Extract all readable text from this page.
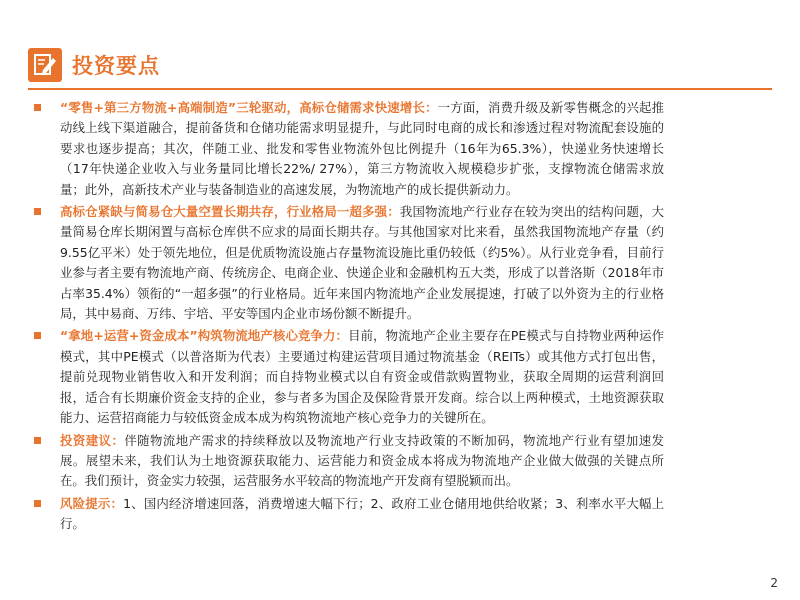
投资要点
“零售+第三方物流+高端制造”三轮驱动，高标仓储需求快速增长：一方面，消费升级及新零售概念的兴起推动线上线下渠道融合，提前备货和仓储功能需求明显提升，与此同时电商的成长和渗透过程对物流配套设施的要求也逐步提高；其次，伴随工业、批发和零售业物流外包比例提升（16年为65.3%），快递业务快速增长（17年快递企业收入与业务量同比增长22%/ 27%），第三方物流收入规模稳步扩张，支撑物流仓储需求放量；此外，高新技术产业与装备制造业的高速发展，为物流地产的成长提供新动力。
高标仓紧缺与简易仓大量空置长期共存，行业格局一超多强：我国物流地产行业存在较为突出的结构问题，大量简易仓库长期闲置与高标仓库供不应求的局面长期共存。与其他国家对比来看，虽然我国物流地产存量（约9.55亿平米）处于领先地位，但是优质物流设施占存量物流设施比重仍较低（约5%）。从行业竞争看，目前行业参与者主要有物流地产商、传统房企、电商企业、快递企业和金融机构五大类，形成了以普洛斯（2018年市占率35.4%）领衔的“一超多强”的行业格局。近年来国内物流地产企业发展提速，打破了以外资为主的行业格局，其中易商、万纬、宇培、平安等国内企业市场份额不断提升。
“拿地+运营+资金成本”构筑物流地产核心竞争力：目前，物流地产企业主要存在PE模式与自持物业两种运作模式，其中PE模式（以普洛斯为代表）主要通过构建运营项目通过物流基金（REITs）或其他方式打包出售，提前兑现物业销售收入和开发利润；而自持物业模式以自有资金或借款购置物业，获取全周期的运营利润回报，适合有长期廉价资金支持的企业，参与者多为国企及保险背景开发商。综合以上两种模式，土地资源获取能力、运营招商能力与较低资金成本成为构筑物流地产核心竞争力的关键所在。
投资建议：伴随物流地产需求的持续释放以及物流地产行业支持政策的不断加码，物流地产行业有望加速发展。展望未来，我们认为土地资源获取能力、运营能力和资金成本将成为物流地产企业做大做强的关键点所在。我们预计，资金实力较强，运营服务水平较高的物流地产开发商有望脱颖而出。
风险提示：1、国内经济增速回落，消费增速大幅下行；2、政府工业仓储用地供给收紧；3、利率水平大幅上行。
2
